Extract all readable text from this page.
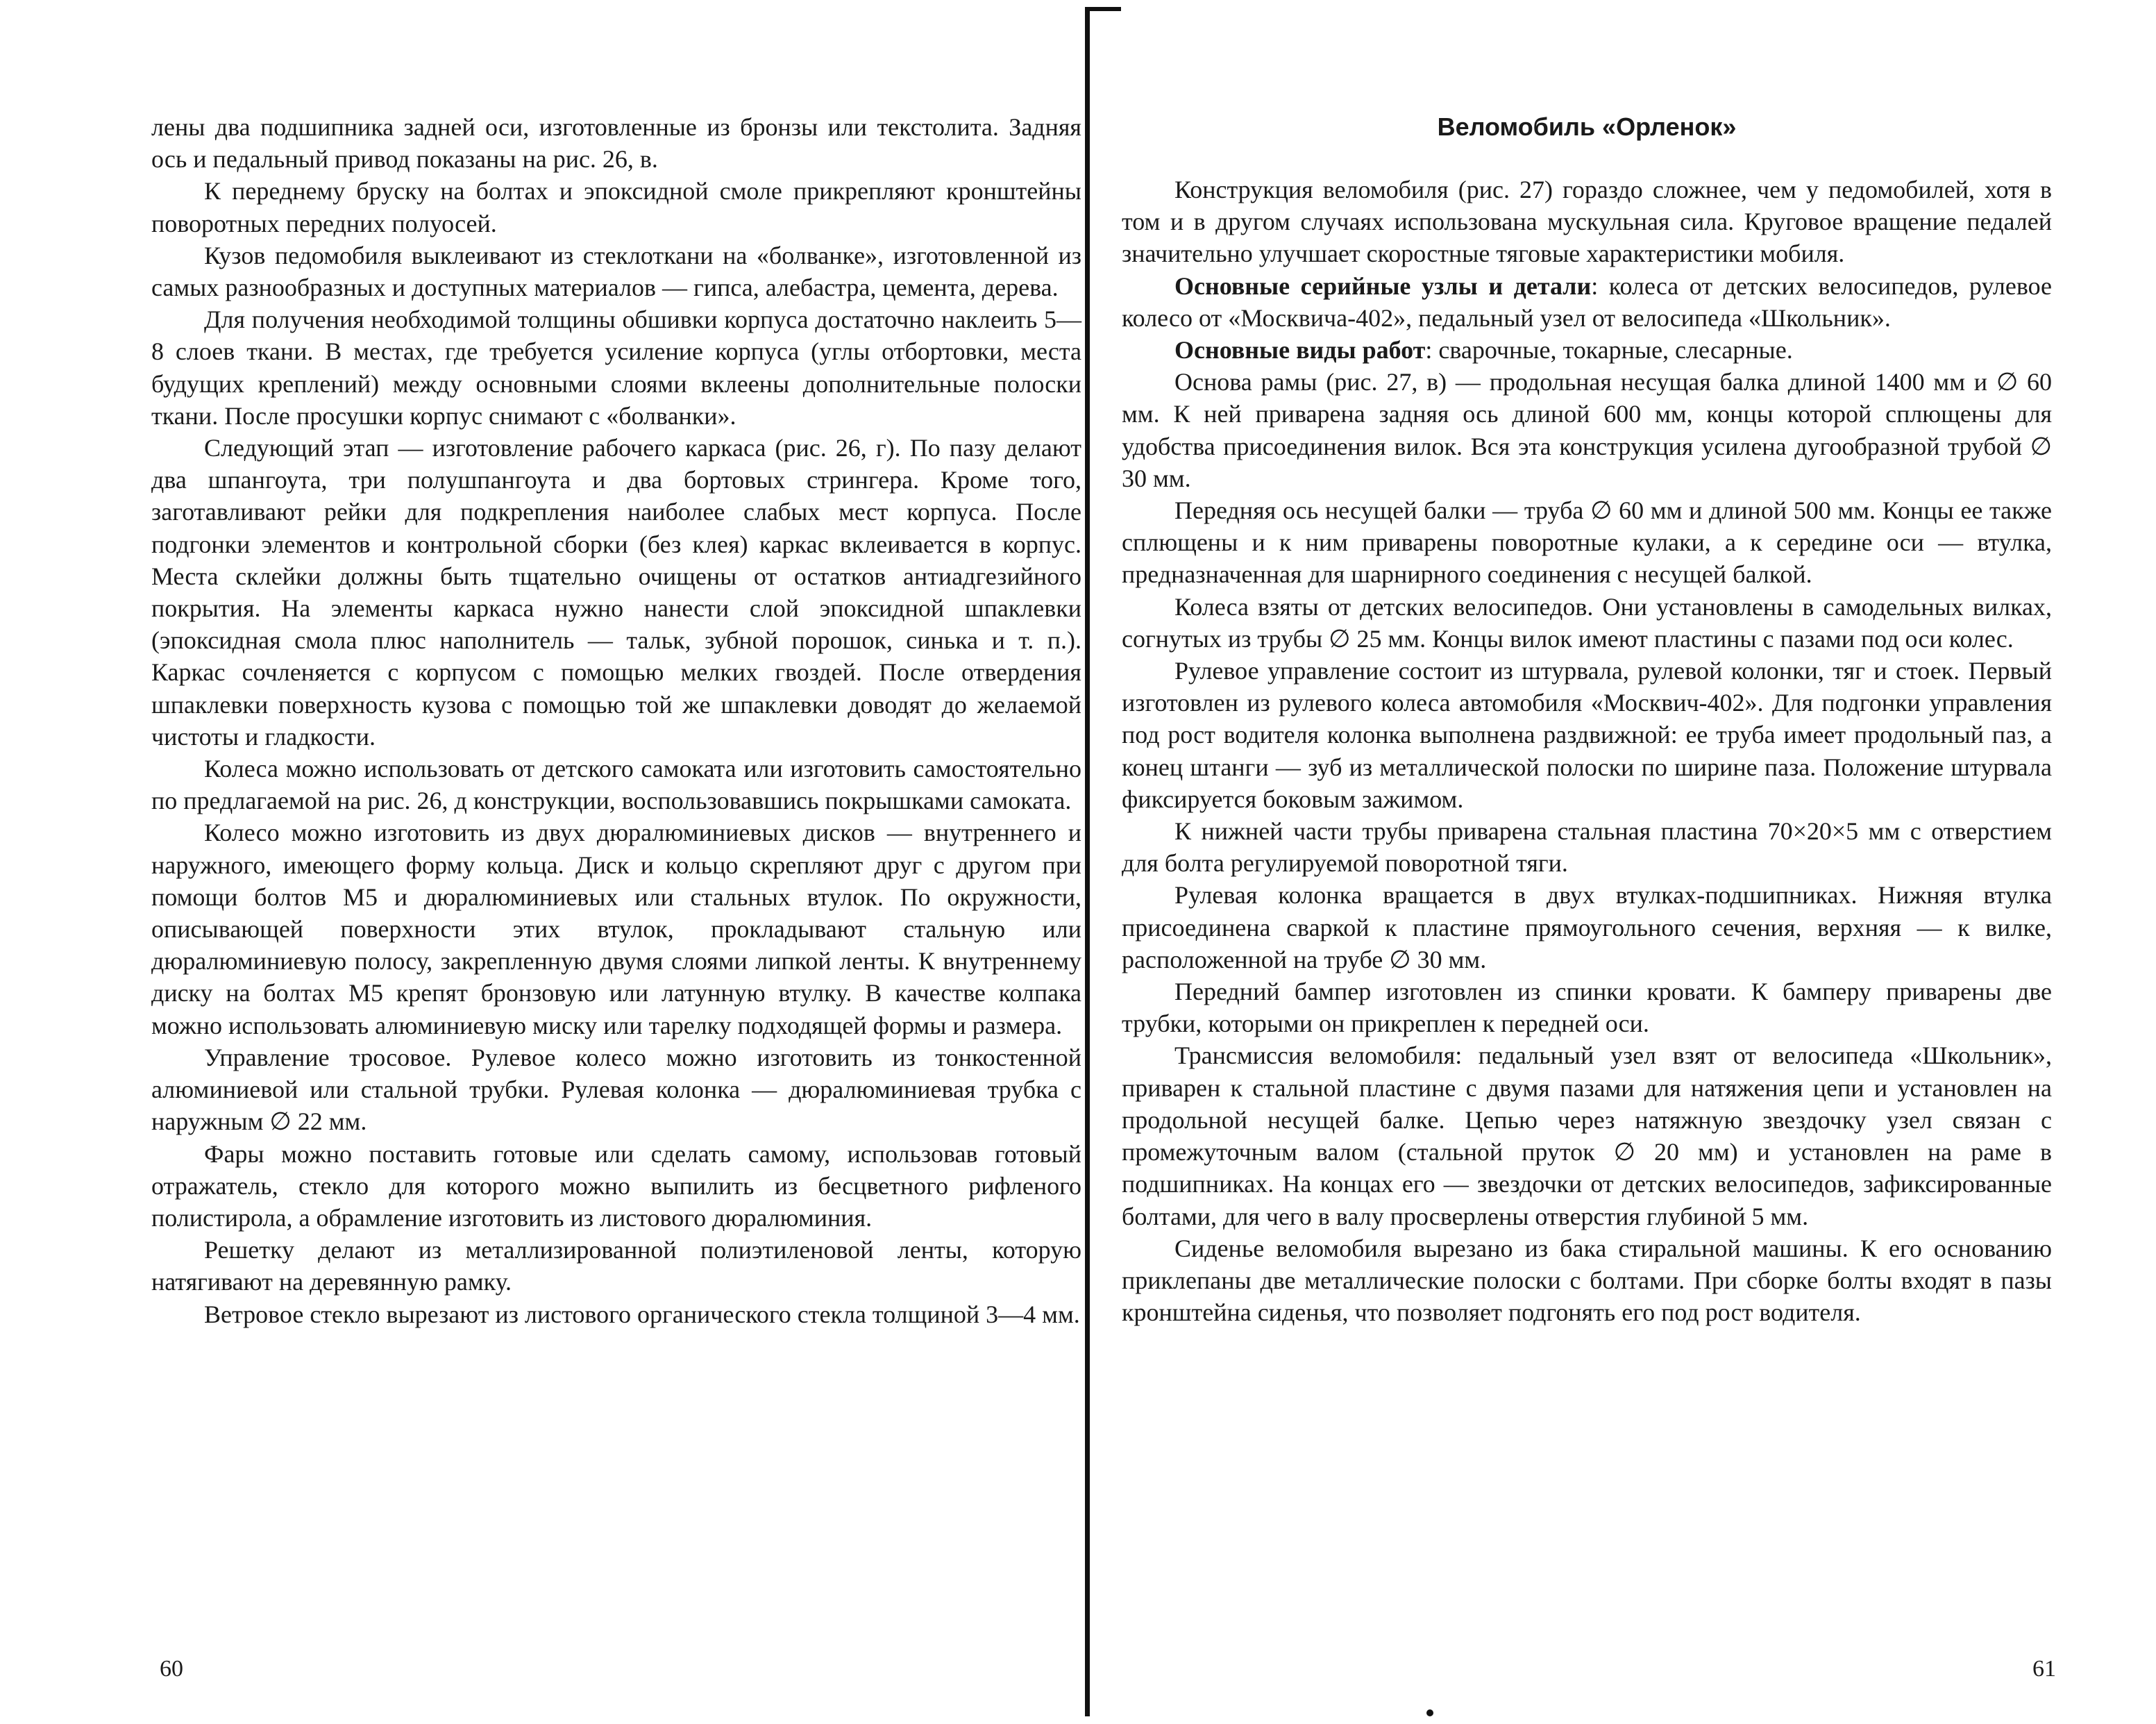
лены два подшипника задней оси, изготовленные из бронзы или текстолита. Задняя ось и педальный привод показаны на рис. 26, в.

К переднему бруску на болтах и эпоксидной смоле прикрепляют кронштейны поворотных передних полуосей.

Кузов педомобиля выклеивают из стеклоткани на «болванке», изготовленной из самых разнообразных и доступных материалов — гипса, алебастра, цемента, дерева.

Для получения необходимой толщины обшивки корпуса достаточно наклеить 5—8 слоев ткани. В местах, где требуется усиление корпуса (углы отбортовки, места будущих креплений) между основными слоями вклеены дополнительные полоски ткани. После просушки корпус снимают с «болванки».

Следующий этап — изготовление рабочего каркаса (рис. 26, г). По пазу делают два шпангоута, три полушпангоута и два бортовых стрингера. Кроме того, заготавливают рейки для подкрепления наиболее слабых мест корпуса. После подгонки элементов и контрольной сборки (без клея) каркас вклеивается в корпус. Места склейки должны быть тщательно очищены от остатков антиадгезийного покрытия. На элементы каркаса нужно нанести слой эпоксидной шпаклевки (эпоксидная смола плюс наполнитель — тальк, зубной порошок, синька и т. п.). Каркас сочленяется с корпусом с помощью мелких гвоздей. После отвердения шпаклевки поверхность кузова с помощью той же шпаклевки доводят до желаемой чистоты и гладкости.

Колеса можно использовать от детского самоката или изготовить самостоятельно по предлагаемой на рис. 26, д конструкции, воспользовавшись покрышками самоката.

Колесо можно изготовить из двух дюралюминиевых дисков — внутреннего и наружного, имеющего форму кольца. Диск и кольцо скрепляют друг с другом при помощи болтов М5 и дюралюминиевых или стальных втулок. По окружности, описывающей поверхности этих втулок, прокладывают стальную или дюралюминиевую полосу, закрепленную двумя слоями липкой ленты. К внутреннему диску на болтах М5 крепят бронзовую или латунную втулку. В качестве колпака можно использовать алюминиевую миску или тарелку подходящей формы и размера.

Управление тросовое. Рулевое колесо можно изготовить из тонкостенной алюминиевой или стальной трубки. Рулевая колонка — дюралюминиевая трубка с наружным ∅ 22 мм.

Фары можно поставить готовые или сделать самому, использовав готовый отражатель, стекло для которого можно выпилить из бесцветного рифленого полистирола, а обрамление изготовить из листового дюралюминия.

Решетку делают из металлизированной полиэтиленовой ленты, которую натягивают на деревянную рамку.

Ветровое стекло вырезают из листового органического стекла толщиной 3—4 мм.

60
Веломобиль «Орленок»

Конструкция веломобиля (рис. 27) гораздо сложнее, чем у педомобилей, хотя в том и в другом случаях использована мускульная сила. Круговое вращение педалей значительно улучшает скоростные тяговые характеристики мобиля.

Основные серийные узлы и детали: колеса от детских велосипедов, рулевое колесо от «Москвича-402», педальный узел от велосипеда «Школьник».

Основные виды работ: сварочные, токарные, слесарные.

Основа рамы (рис. 27, в) — продольная несущая балка длиной 1400 мм и ∅ 60 мм. К ней приварена задняя ось длиной 600 мм, концы которой сплющены для удобства присоединения вилок. Вся эта конструкция усилена дугообразной трубой ∅ 30 мм.

Передняя ось несущей балки — труба ∅ 60 мм и длиной 500 мм. Концы ее также сплющены и к ним приварены поворотные кулаки, а к середине оси — втулка, предназначенная для шарнирного соединения с несущей балкой.

Колеса взяты от детских велосипедов. Они установлены в самодельных вилках, согнутых из трубы ∅ 25 мм. Концы вилок имеют пластины с пазами под оси колес.

Рулевое управление состоит из штурвала, рулевой колонки, тяг и стоек. Первый изготовлен из рулевого колеса автомобиля «Москвич-402». Для подгонки управления под рост водителя колонка выполнена раздвижной: ее труба имеет продольный паз, а конец штанги — зуб из металлической полоски по ширине паза. Положение штурвала фиксируется боковым зажимом.

К нижней части трубы приварена стальная пластина 70×20×5 мм с отверстием для болта регулируемой поворотной тяги.

Рулевая колонка вращается в двух втулках-подшипниках. Нижняя втулка присоединена сваркой к пластине прямоугольного сечения, верхняя — к вилке, расположенной на трубе ∅ 30 мм.

Передний бампер изготовлен из спинки кровати. К бамперу приварены две трубки, которыми он прикреплен к передней оси.

Трансмиссия веломобиля: педальный узел взят от велосипеда «Школьник», приварен к стальной пластине с двумя пазами для натяжения цепи и установлен на продольной несущей балке. Цепью через натяжную звездочку узел связан с промежуточным валом (стальной пруток ∅ 20 мм) и установлен на раме в подшипниках. На концах его — звездочки от детских велосипедов, зафиксированные болтами, для чего в валу просверлены отверстия глубиной 5 мм.

Сиденье веломобиля вырезано из бака стиральной машины. К его основанию приклепаны две металлические полоски с болтами. При сборке болты входят в пазы кронштейна сиденья, что позволяет подгонять его под рост водителя.

61
